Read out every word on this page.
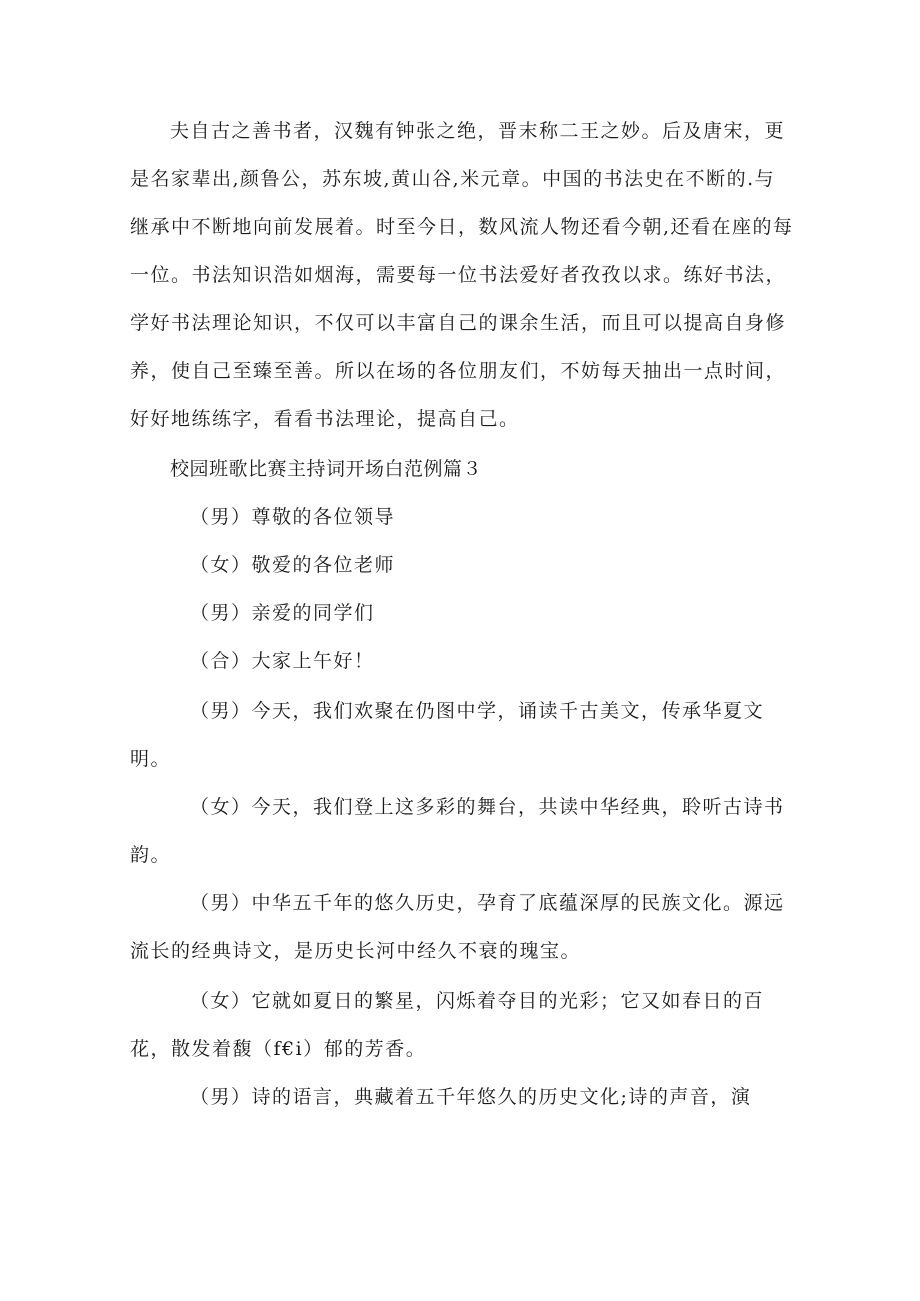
夫自古之善书者，汉魏有钟张之绝，晋末称二王之妙。后及唐宋，更
是名家辈出,颜鲁公，苏东坡,黄山谷,米元章。中国的书法史在不断的.与
继承中不断地向前发展着。时至今日，数风流人物还看今朝,还看在座的每
一位。书法知识浩如烟海，需要每一位书法爱好者孜孜以求。练好书法，
学好书法理论知识，不仅可以丰富自己的课余生活，而且可以提高自身修
养，使自己至臻至善。所以在场的各位朋友们，不妨每天抽出一点时间，
好好地练练字，看看书法理论，提高自己。
校园班歌比赛主持词开场白范例篇３
（男）尊敬的各位领导
（女）敬爱的各位老师
（男）亲爱的同学们
（合）大家上午好！
（男）今天，我们欢聚在仍图中学，诵读千古美文，传承华夏文
明。
（女）今天，我们登上这多彩的舞台，共读中华经典，聆听古诗书
韵。
（男）中华五千年的悠久历史，孕育了底蕴深厚的民族文化。源远
流长的经典诗文，是历史长河中经久不衰的瑰宝。
（女）它就如夏日的繁星，闪烁着夺目的光彩；它又如春日的百
花，散发着馥（f€i）郁的芳香。
（男）诗的语言，典藏着五千年悠久的历史文化;诗的声音，演
